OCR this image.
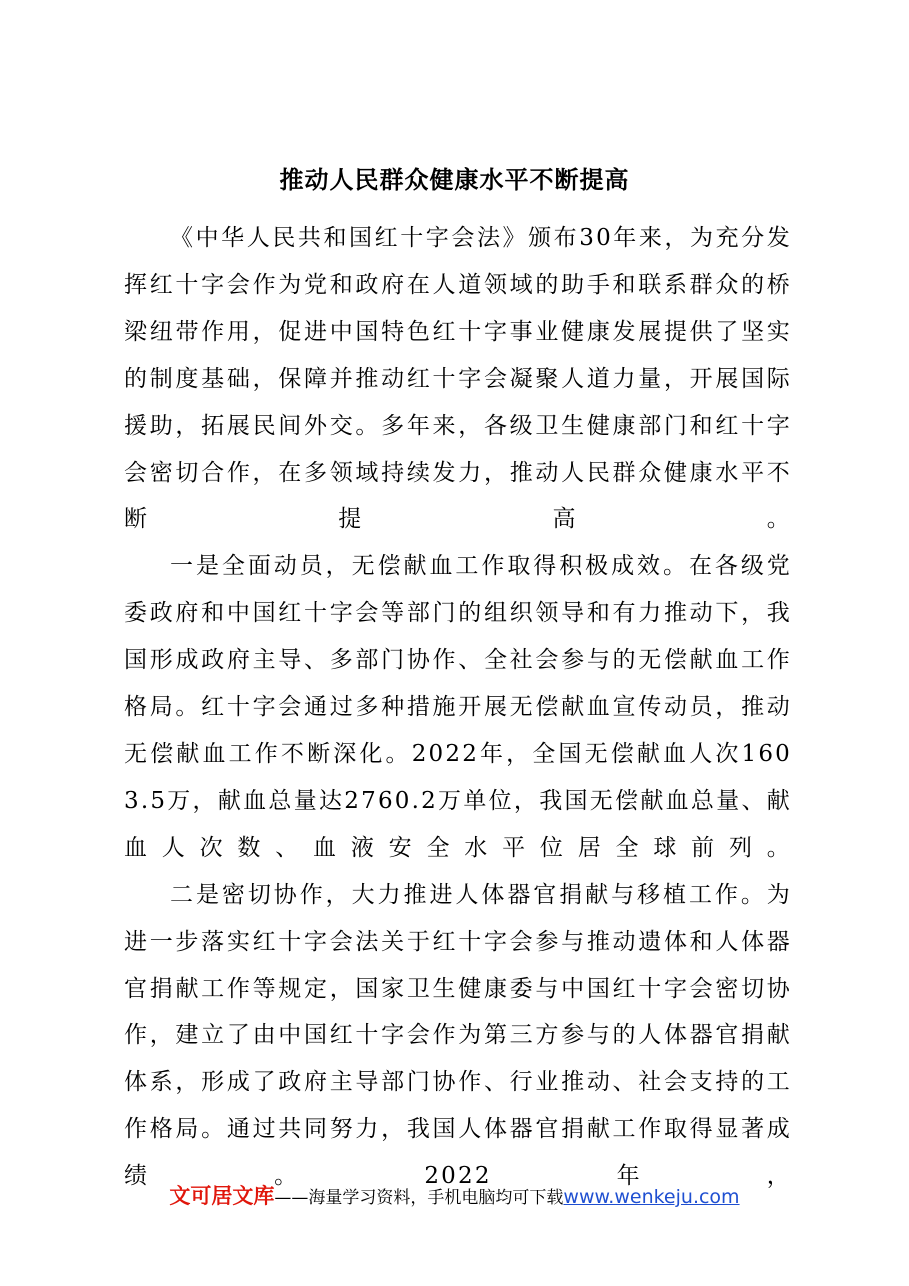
推动人民群众健康水平不断提高

《中华人民共和国红十字会法》颁布30年来，为充分发挥红十字会作为党和政府在人道领域的助手和联系群众的桥梁纽带作用，促进中国特色红十字事业健康发展提供了坚实的制度基础，保障并推动红十字会凝聚人道力量，开展国际援助，拓展民间外交。多年来，各级卫生健康部门和红十字会密切合作，在多领域持续发力，推动人民群众健康水平不断提高。

一是全面动员，无偿献血工作取得积极成效。在各级党委政府和中国红十字会等部门的组织领导和有力推动下，我国形成政府主导、多部门协作、全社会参与的无偿献血工作格局。红十字会通过多种措施开展无偿献血宣传动员，推动无偿献血工作不断深化。2022年，全国无偿献血人次1603.5万，献血总量达2760.2万单位，我国无偿献血总量、献血人次数、血液安全水平位居全球前列。

二是密切协作，大力推进人体器官捐献与移植工作。为进一步落实红十字会法关于红十字会参与推动遗体和人体器官捐献工作等规定，国家卫生健康委与中国红十字会密切协作，建立了由中国红十字会作为第三方参与的人体器官捐献体系，形成了政府主导部门协作、行业推动、社会支持的工作格局。通过共同努力，我国人体器官捐献工作取得显著成绩。2022年，

文可居文库——海量学习资料，手机电脑均可下载www.wenkeju.com
